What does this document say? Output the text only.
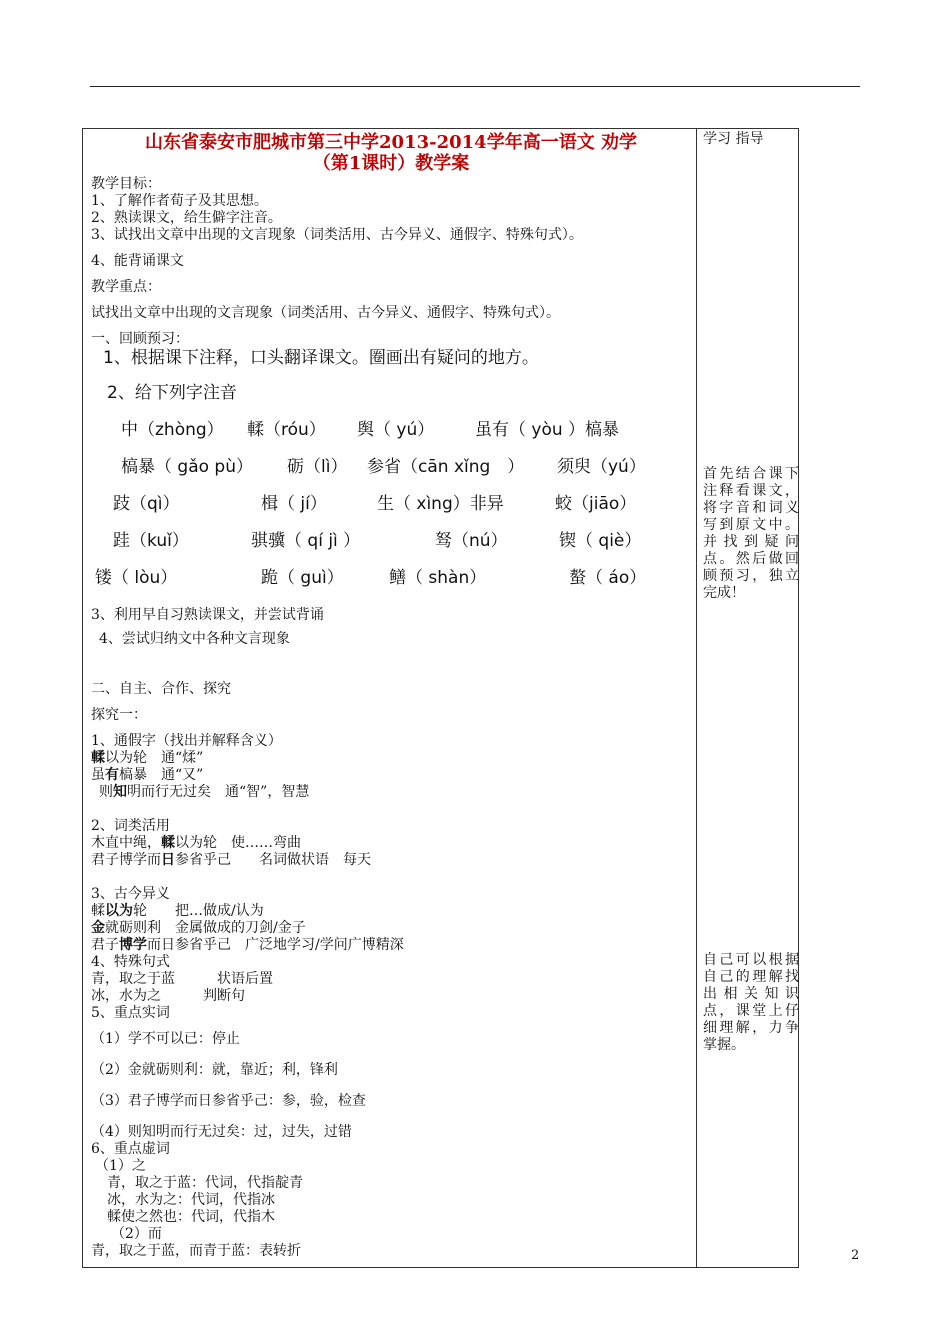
山东省泰安市肥城市第三中学2013-2014学年高一语文 劝学
（第1课时）教学案
教学目标：
1、了解作者荀子及其思想。
2、熟读课文，给生僻字注音。
3、试找出文章中出现的文言现象（词类活用、古今异义、通假字、特殊句式）。
4、能背诵课文
教学重点：
试找出文章中出现的文言现象（词类活用、古今异义、通假字、特殊句式）。
一、回顾预习：
1、根据课下注释，口头翻译课文。圈画出有疑问的地方。
2、给下列字注音
中（zhòng） 輮（róu） 舆（ yú） 虽有（ yòu ）槁暴
槁暴（ gǎo pù） 砺（lì） 参省（cān xǐng　） 须臾（yú）
跂（qì）	楫（ jí）	生（ xìng）非异	蛟（jiāo）
跬（kuǐ）	骐骥（ qí jì ）	驽（nú）	锲（ qiè）
镂（ lòu）	跪（ guì）	鳝（ shàn）	螯（ áo）
3、利用早自习熟读课文，并尝试背诵
4、尝试归纳文中各种文言现象
二、自主、合作、探究
探究一：
1、通假字（找出并解释含义）
輮以为轮　通“煣”
虽有槁暴　通“又”
则知明而行无过矣　通“智”，智慧
2、词类活用
木直中绳，輮以为轮　使……弯曲
君子博学而日参省乎己　　名词做状语　每天
3、古今异义
輮以为轮　　把…做成/认为
金就砺则利　金属做成的刀剑/金子
君子博学而日参省乎己　广泛地学习/学问广博精深
4、特殊句式
青，取之于蓝　　　状语后置
冰，水为之　　　判断句
5、重点实词
（1）学不可以已：停止
（2）金就砺则利：就，靠近；利，锋利
（3）君子博学而日参省乎己：参，验，检查
（4）则知明而行无过矣：过，过失，过错
6、重点虚词
（1）之
青，取之于蓝：代词，代指靛青
冰，水为之：代词，代指冰
輮使之然也：代词，代指木
（2）而
青，取之于蓝，而青于蓝：表转折
学习 指导
首先结合课下注释看课文，将字音和词义写到原文中。并找到疑问点。然后做回顾预习，独立完成！
自己可以根据自己的理解找出相关知识点，课堂上仔细理解，力争掌握。
2
